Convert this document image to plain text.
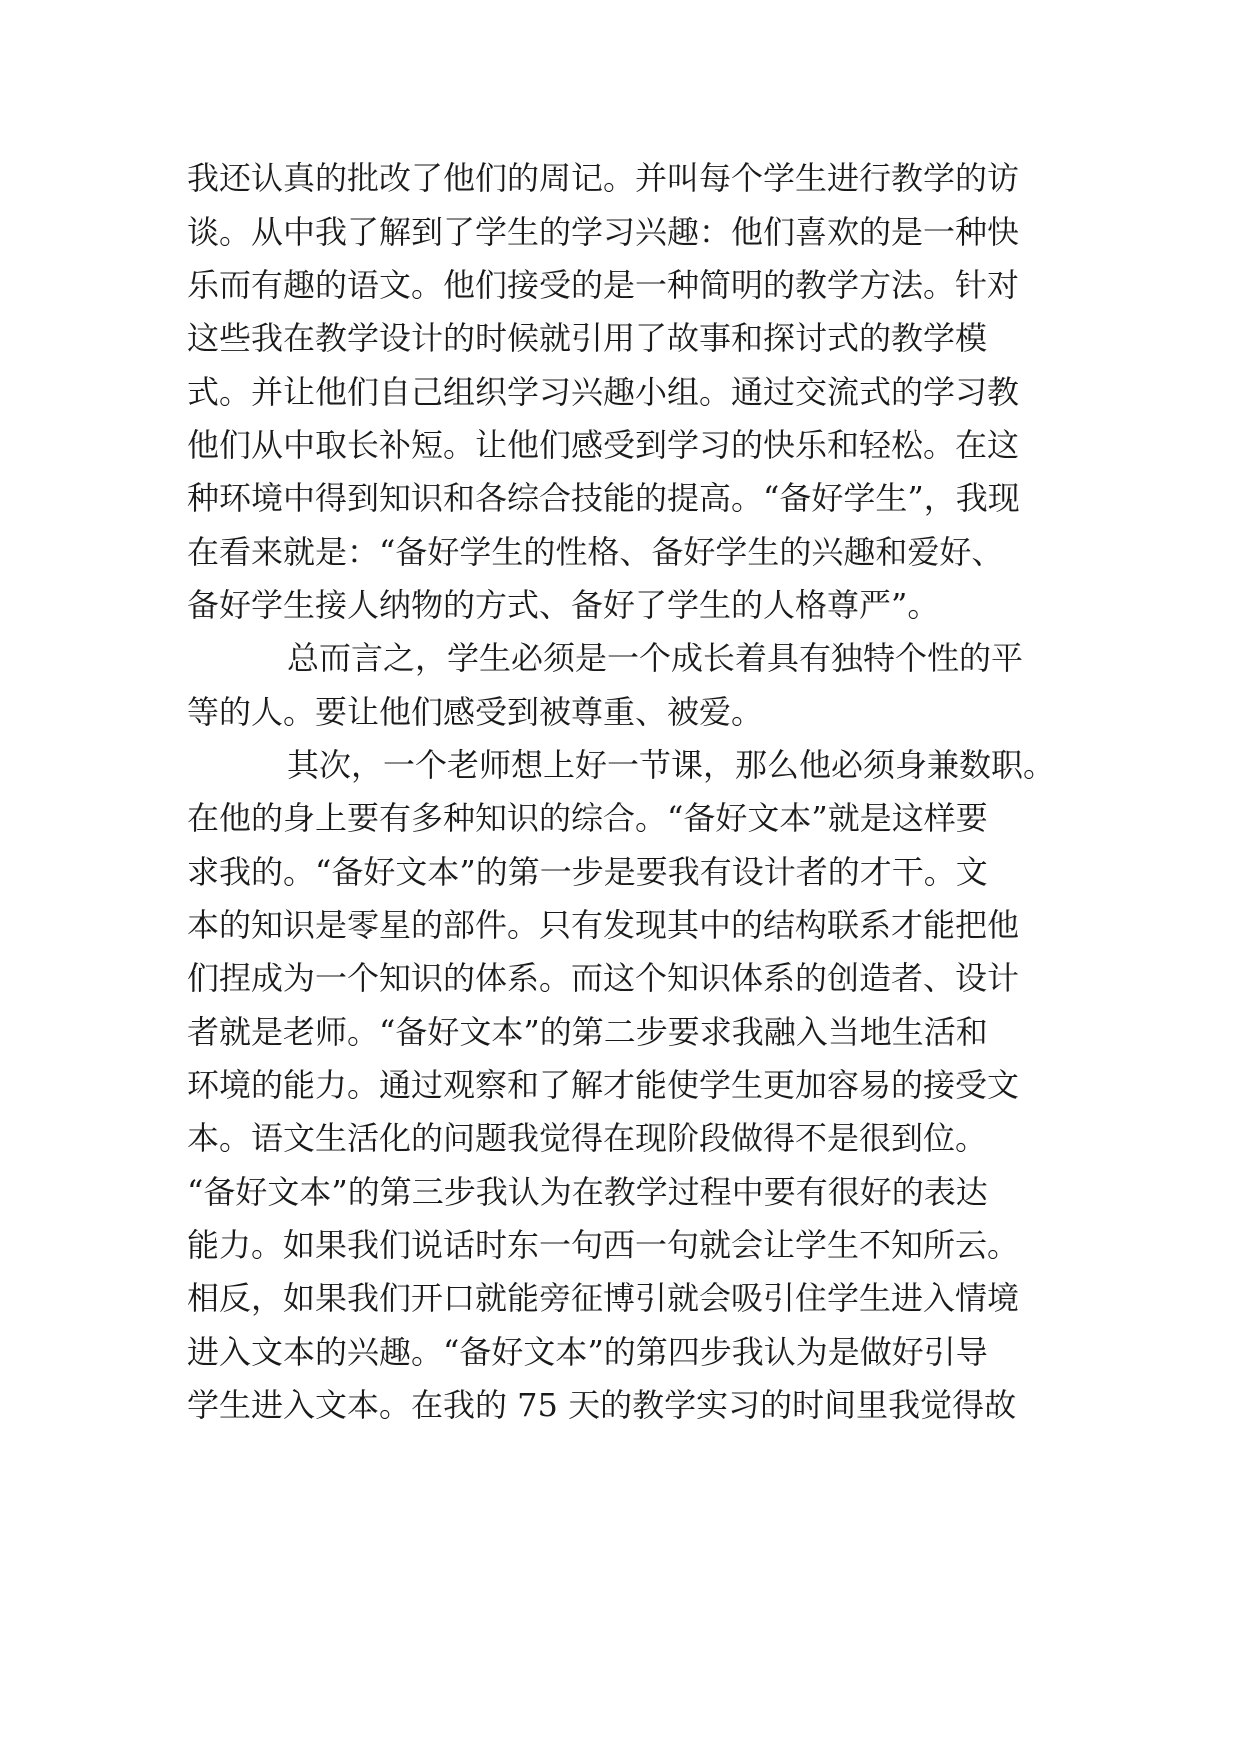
我还认真的批改了他们的周记。并叫每个学生进行教学的访
谈。从中我了解到了学生的学习兴趣：他们喜欢的是一种快
乐而有趣的语文。他们接受的是一种简明的教学方法。针对
这些我在教学设计的时候就引用了故事和探讨式的教学模
式。并让他们自己组织学习兴趣小组。通过交流式的学习教
他们从中取长补短。让他们感受到学习的快乐和轻松。在这
种环境中得到知识和各综合技能的提高。“备好学生”，我现
在看来就是：“备好学生的性格、备好学生的兴趣和爱好、
备好学生接人纳物的方式、备好了学生的人格尊严”。
总而言之，学生必须是一个成长着具有独特个性的平
等的人。要让他们感受到被尊重、被爱。
其次，一个老师想上好一节课，那么他必须身兼数职。
在他的身上要有多种知识的综合。“备好文本”就是这样要
求我的。“备好文本”的第一步是要我有设计者的才干。文
本的知识是零星的部件。只有发现其中的结构联系才能把他
们捏成为一个知识的体系。而这个知识体系的创造者、设计
者就是老师。“备好文本”的第二步要求我融入当地生活和
环境的能力。通过观察和了解才能使学生更加容易的接受文
本。语文生活化的问题我觉得在现阶段做得不是很到位。
“备好文本”的第三步我认为在教学过程中要有很好的表达
能力。如果我们说话时东一句西一句就会让学生不知所云。
相反，如果我们开口就能旁征博引就会吸引住学生进入情境
进入文本的兴趣。“备好文本”的第四步我认为是做好引导
学生进入文本。在我的 75 天的教学实习的时间里我觉得故
